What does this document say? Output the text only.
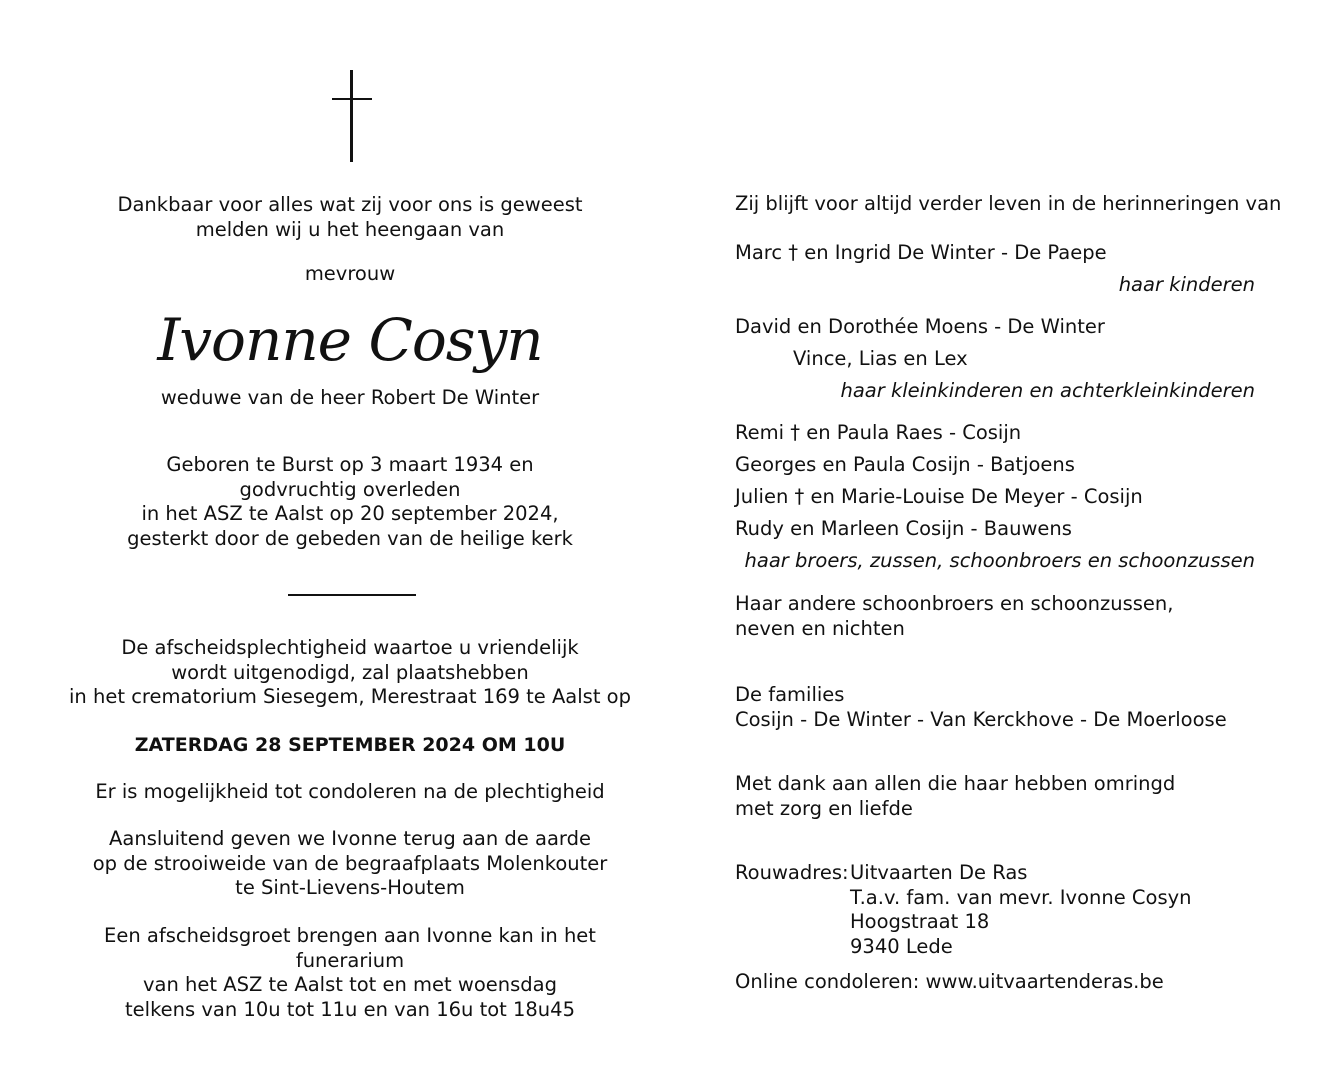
Dankbaar voor alles wat zij voor ons is geweest
melden wij u het heengaan van
mevrouw
Ivonne Cosyn
weduwe van de heer Robert De Winter
Geboren te Burst op 3 maart 1934 en
godvruchtig overleden
in het ASZ te Aalst op 20 september 2024,
gesterkt door de gebeden van de heilige kerk
De afscheidsplechtigheid waartoe u vriendelijk
wordt uitgenodigd, zal plaatshebben
in het crematorium Siesegem, Merestraat 169 te Aalst op
ZATERDAG 28 SEPTEMBER 2024 OM 10U
Er is mogelijkheid tot condoleren na de plechtigheid
Aansluitend geven we Ivonne terug aan de aarde
op de strooiweide van de begraafplaats Molenkouter
te Sint-Lievens-Houtem
Een afscheidsgroet brengen aan Ivonne kan in het funerarium
van het ASZ te Aalst tot en met woensdag
telkens van 10u tot 11u en van 16u tot 18u45
Zij blijft voor altijd verder leven in de herinneringen van
Marc † en Ingrid De Winter - De Paepe
haar kinderen
David en Dorothée Moens - De Winter
Vince, Lias en Lex
haar kleinkinderen en achterkleinkinderen
Remi † en Paula Raes - Cosijn
Georges en Paula Cosijn - Batjoens
Julien † en Marie-Louise De Meyer - Cosijn
Rudy en Marleen Cosijn - Bauwens
haar broers, zussen, schoonbroers en schoonzussen
Haar andere schoonbroers en schoonzussen,
neven en nichten
De families
Cosijn - De Winter - Van Kerckhove - De Moerloose
Met dank aan allen die haar hebben omringd
met zorg en liefde
Rouwadres: Uitvaarten De Ras
T.a.v. fam. van mevr. Ivonne Cosyn
Hoogstraat 18
9340 Lede
Online condoleren: www.uitvaartenderas.be
